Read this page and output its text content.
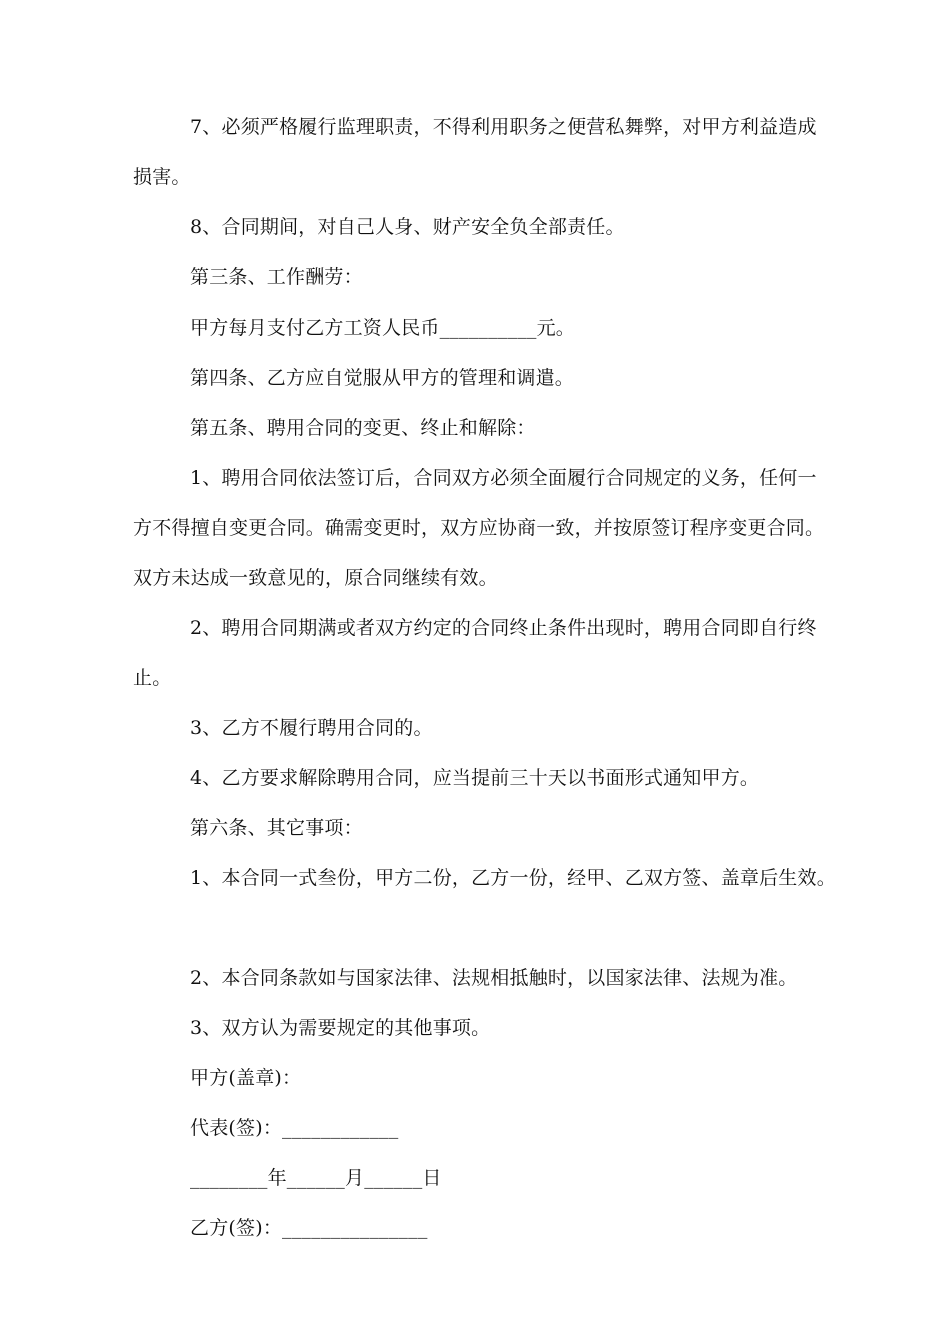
7、必须严格履行监理职责，不得利用职务之便营私舞弊，对甲方利益造成
损害。
8、合同期间，对自己人身、财产安全负全部责任。
第三条、工作酬劳：
甲方每月支付乙方工资人民币__________元。
第四条、乙方应自觉服从甲方的管理和调遣。
第五条、聘用合同的变更、终止和解除：
1、聘用合同依法签订后，合同双方必须全面履行合同规定的义务，任何一
方不得擅自变更合同。确需变更时，双方应协商一致，并按原签订程序变更合同。
双方未达成一致意见的，原合同继续有效。
2、聘用合同期满或者双方约定的合同终止条件出现时，聘用合同即自行终
止。
3、乙方不履行聘用合同的。
4、乙方要求解除聘用合同，应当提前三十天以书面形式通知甲方。
第六条、其它事项：
1、本合同一式叁份，甲方二份，乙方一份，经甲、乙双方签、盖章后生效。
2、本合同条款如与国家法律、法规相抵触时，以国家法律、法规为准。
3、双方认为需要规定的其他事项。
甲方(盖章)：
代表(签)：____________
________年______月______日
乙方(签)：_______________
